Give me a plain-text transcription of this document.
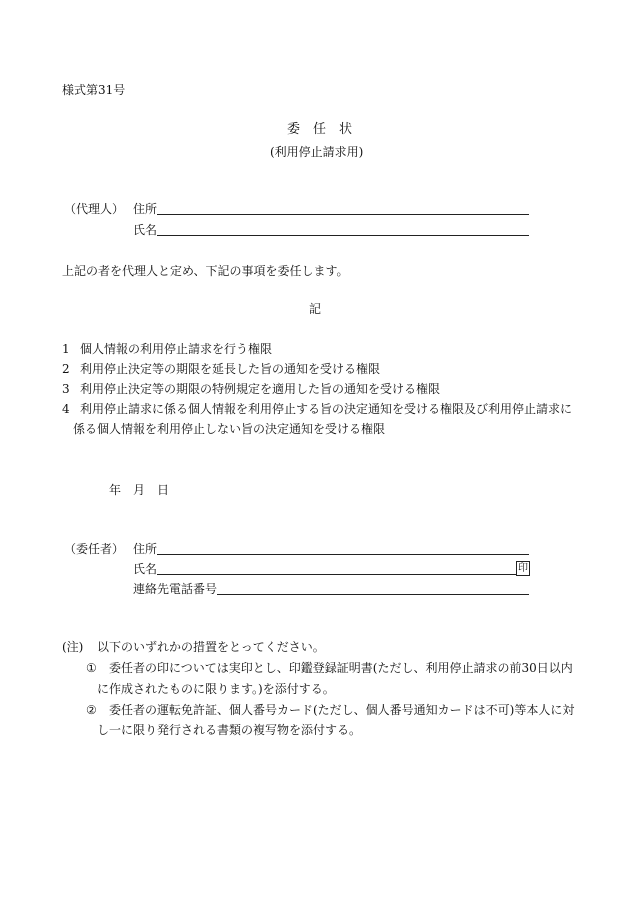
様式第31号
委　任　状
(利用停止請求用)
（代理人） 住所
氏名
上記の者を代理人と定め、下記の事項を委任します。
記
1 個人情報の利用停止請求を行う権限
2 利用停止決定等の期限を延長した旨の通知を受ける権限
3 利用停止決定等の期限の特例規定を適用した旨の通知を受ける権限
4 利用停止請求に係る個人情報を利用停止する旨の決定通知を受ける権限及び利用停止請求に
係る個人情報を利用停止しない旨の決定通知を受ける権限
年　月　日
（委任者） 住所
氏名	印
連絡先電話番号
(注) 以下のいずれかの措置をとってください。
① 委任者の印については実印とし、印鑑登録証明書(ただし、利用停止請求の前30日以内
に作成されたものに限ります。)を添付する。
② 委任者の運転免許証、個人番号カード(ただし、個人番号通知カードは不可)等本人に対
し一に限り発行される書類の複写物を添付する。
